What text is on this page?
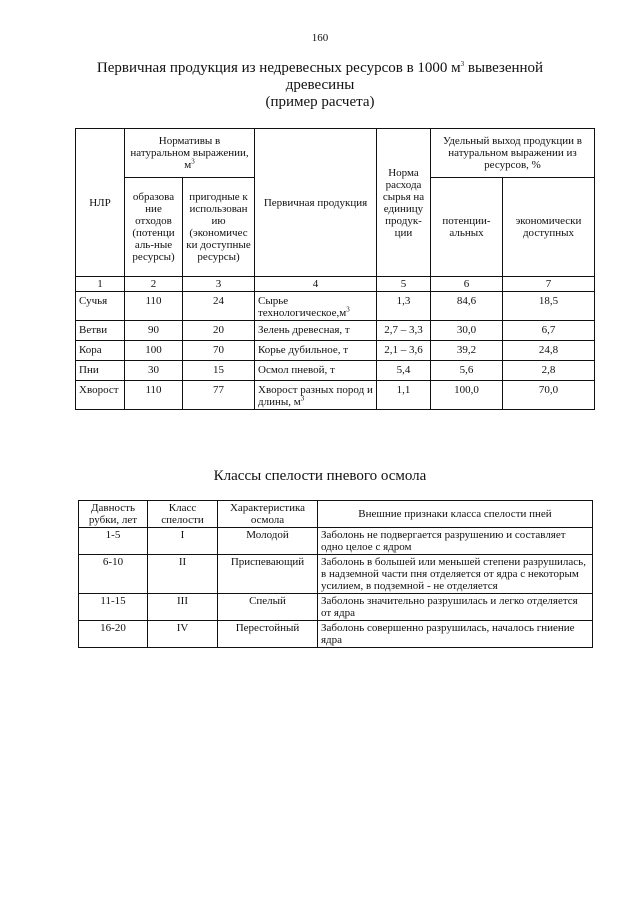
160
Первичная продукция из недревесных ресурсов в 1000 $м^3$ вывезенной
древесины
(пример расчета)
НЛР	Нормативы в натуральном выражении, $м^3$		Первичная продукция	Норма расхода сырья на единицу продук-ции	Удельный выход продукции в натуральном выражении из ресурсов, %	
	образова ние отходов (потенци аль-ные ресурсы)	пригодные к использован ию (экономичес ки доступные ресурсы)			потенции-альных	экономически доступных
1	2	3	4	5	6	7
Сучья	110	24	Сырье $технологическое,м^3$	1,3	84,6	18,5
Ветви	90	20	Зелень древесная, т	2,7 – 3,3	30,0	6,7
Кора	100	70	Корье дубильное, т	2,1 – 3,6	39,2	24,8
Пни	30	15	Осмол пневой, т	5,4	5,6	2,8
Хворост	110	77	Хворост разных пород и длины, $м^3$	1,1	100,0	70,0
Классы спелости пневого осмола
Давность рубки, лет	Класс спелости	Характеристика осмола	Внешние признаки класса спелости пней
1-5	I	Молодой	Заболонь не подвергается разрушению и составляет одно целое с ядром
6-10	II	Приспевающий	Заболонь в большей или меньшей степени разрушилась, в надземной части пня отделяется от ядра с некоторым усилием, в подземной - не отделяется
11-15	III	Спелый	Заболонь значительно разрушилась и легко отделяется от ядра
16-20	IV	Перестойный	Заболонь совершенно разрушилась, началось гниение ядра
